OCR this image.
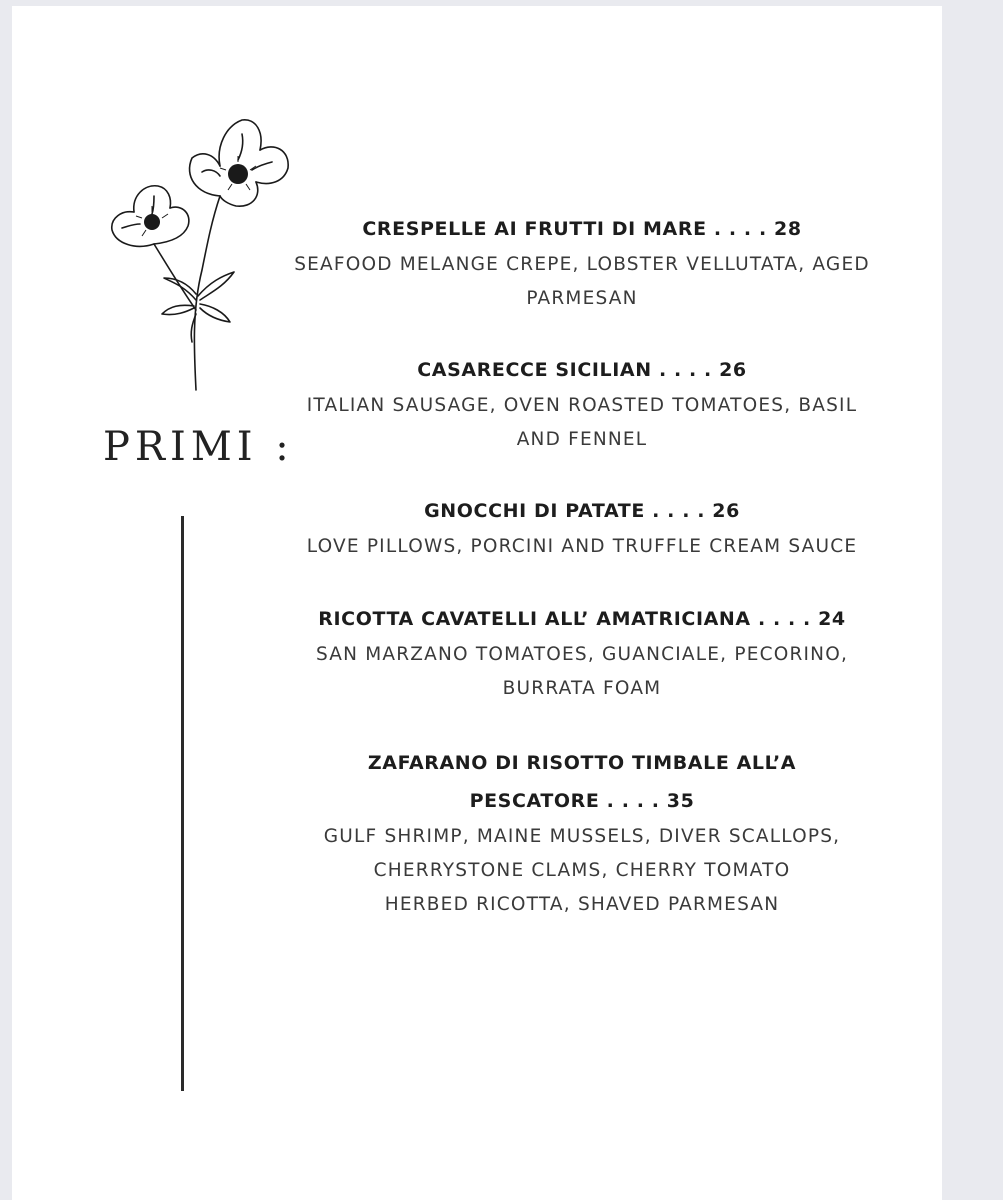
PRIMI :
CRESPELLE AI FRUTTI DI MARE . . . . 28
SEAFOOD MELANGE CREPE, LOBSTER VELLUTATA, AGED
PARMESAN
CASARECCE SICILIAN . . . . 26
ITALIAN SAUSAGE, OVEN ROASTED TOMATOES, BASIL
AND FENNEL
GNOCCHI DI PATATE . . . . 26
LOVE PILLOWS, PORCINI AND TRUFFLE CREAM SAUCE
RICOTTA CAVATELLI ALL’ AMATRICIANA . . . . 24
SAN MARZANO TOMATOES, GUANCIALE, PECORINO,
BURRATA FOAM
ZAFARANO DI RISOTTO TIMBALE ALL’A
PESCATORE . . . . 35
GULF SHRIMP, MAINE MUSSELS, DIVER SCALLOPS,
CHERRYSTONE CLAMS, CHERRY TOMATO
HERBED RICOTTA, SHAVED PARMESAN
